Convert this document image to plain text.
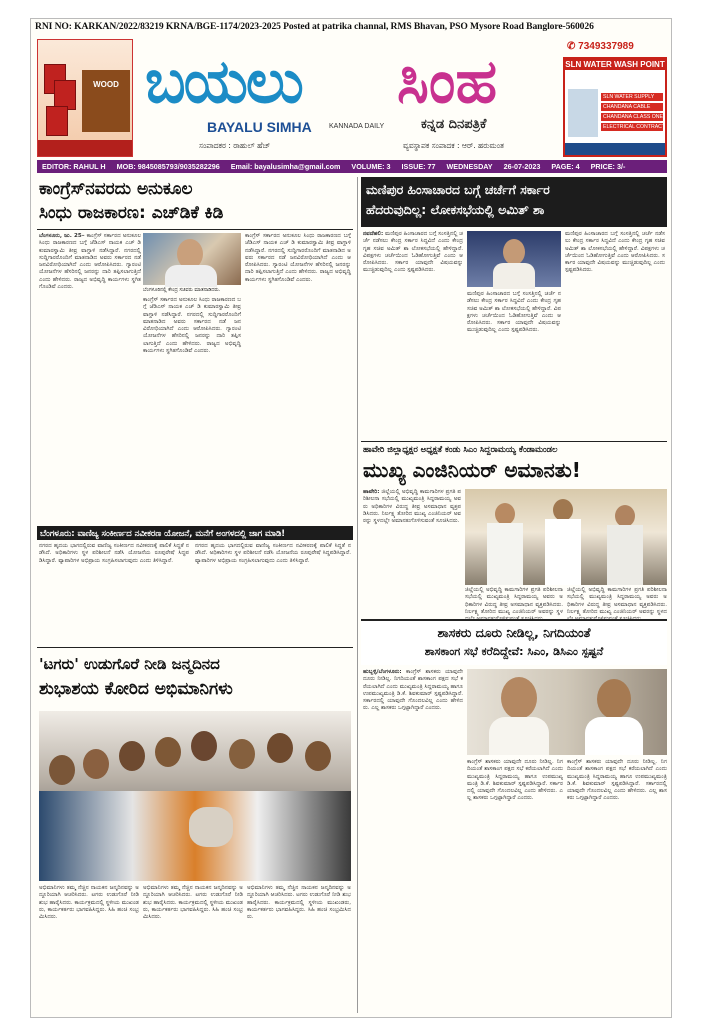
RNI NO: KARKAN/2022/83219 KRNA/BGE-1174/2023-2025 Posted at patrika channal, RMS Bhavan, PSO Mysore Road Banglore-560026
WOOD ಬಯಲು ಸಿಂಹ
BAYALU SIMHA KANNADA DAILY	ಕನ್ನಡ ದಿನಪತ್ರಿಕೆ
ಸಂಪಾದಕರ : ರಾಹುಲ್ ಹೆಚ್	ವ್ಯವಸ್ಥಾಪಕ ಸಂಪಾದಕ : ಆರ್. ಹರುಮಂತ
✆ 7349337989
SLN WATER WASH POINT
SLN WATER SUPPLY
CHANDANA CABLE
CHANDANA CLASS ONE
ELECTRICAL CONTRACT
EDITOR: RAHUL H MOB: 9845085793/9035282296 Email: bayalusimha@gmail.com VOLUME: 3 ISSUE: 77 WEDNESDAY 26-07-2023 PAGE: 4 PRICE: 3/-
ಕಾಂಗ್ರೆಸ್‌ನವರದು ಅನುಕೂಲ
ಸಿಂಧು ರಾಜಕಾರಣ: ಎಚ್‌ಡಿಕೆ ಕಿಡಿ
ಬೆಂಗಳೂರು, ಜು. 25– ಕಾಂಗ್ರೆಸ್ ಸರ್ಕಾರದ ಅನುಕೂಲ ಸಿಂಧು ರಾಜಕಾರಣದ ಬಗ್ಗೆ ಜೆಡಿಎಸ್ ನಾಯಕ ಎಚ್ ಡಿ ಕುಮಾರಸ್ವಾಮಿ ತೀವ್ರ ವಾಗ್ದಾಳಿ ನಡೆಸಿದ್ದಾರೆ. ನಗರದಲ್ಲಿ ಸುದ್ದಿಗಾರರೊಂದಿಗೆ ಮಾತನಾಡಿದ ಅವರು ಸರ್ಕಾರದ ನಡೆ ಜನವಿರೋಧಿಯಾಗಿದೆ ಎಂದು ಆರೋಪಿಸಿದರು. ಗ್ಯಾರಂಟಿ ಯೋಜನೆಗಳ ಹೆಸರಿನಲ್ಲಿ ಜನರನ್ನು ದಾರಿ ತಪ್ಪಿಸಲಾಗುತ್ತಿದೆ ಎಂದು ಹೇಳಿದರು. ರಾಜ್ಯದ ಅಭಿವೃದ್ಧಿ ಕಾರ್ಯಗಳು ಸ್ಥಗಿತಗೊಂಡಿವೆ ಎಂದರು.	ಬೆಂಗಳೂರಿನಲ್ಲಿ ಕೇಂದ್ರ ಸಚಿವರು ಮಾತನಾಡಿದರು.
ಕಾಂಗ್ರೆಸ್ ಸರ್ಕಾರದ ಅನುಕೂಲ ಸಿಂಧು ರಾಜಕಾರಣದ ಬಗ್ಗೆ ಜೆಡಿಎಸ್ ನಾಯಕ ಎಚ್ ಡಿ ಕುಮಾರಸ್ವಾಮಿ ತೀವ್ರ ವಾಗ್ದಾಳಿ ನಡೆಸಿದ್ದಾರೆ. ನಗರದಲ್ಲಿ ಸುದ್ದಿಗಾರರೊಂದಿಗೆ ಮಾತನಾಡಿದ ಅವರು ಸರ್ಕಾರದ ನಡೆ ಜನವಿರೋಧಿಯಾಗಿದೆ ಎಂದು ಆರೋಪಿಸಿದರು. ಗ್ಯಾರಂಟಿ ಯೋಜನೆಗಳ ಹೆಸರಿನಲ್ಲಿ ಜನರನ್ನು ದಾರಿ ತಪ್ಪಿಸಲಾಗುತ್ತಿದೆ ಎಂದು ಹೇಳಿದರು. ರಾಜ್ಯದ ಅಭಿವೃದ್ಧಿ ಕಾರ್ಯಗಳು ಸ್ಥಗಿತಗೊಂಡಿವೆ ಎಂದರು.
ಕಾಂಗ್ರೆಸ್ ಸರ್ಕಾರದ ಅನುಕೂಲ ಸಿಂಧು ರಾಜಕಾರಣದ ಬಗ್ಗೆ ಜೆಡಿಎಸ್ ನಾಯಕ ಎಚ್ ಡಿ ಕುಮಾರಸ್ವಾಮಿ ತೀವ್ರ ವಾಗ್ದಾಳಿ ನಡೆಸಿದ್ದಾರೆ. ನಗರದಲ್ಲಿ ಸುದ್ದಿಗಾರರೊಂದಿಗೆ ಮಾತನಾಡಿದ ಅವರು ಸರ್ಕಾರದ ನಡೆ ಜನವಿರೋಧಿಯಾಗಿದೆ ಎಂದು ಆರೋಪಿಸಿದರು. ಗ್ಯಾರಂಟಿ ಯೋಜನೆಗಳ ಹೆಸರಿನಲ್ಲಿ ಜನರನ್ನು ದಾರಿ ತಪ್ಪಿಸಲಾಗುತ್ತಿದೆ ಎಂದು ಹೇಳಿದರು. ರಾಜ್ಯದ ಅಭಿವೃದ್ಧಿ ಕಾರ್ಯಗಳು ಸ್ಥಗಿತಗೊಂಡಿವೆ ಎಂದರು.
ಬೆಂಗಳೂರು: ವಾಣಿಜ್ಯ ಸಂಕೀರ್ಣದ ನವೀಕರಣ ಯೋಜನೆ, ಮನೆಗೆ ಅಂಗಳದಲ್ಲಿ ಜಾಗ ಮಾಡಿ!
ನಗರದ ಹೃದಯ ಭಾಗದಲ್ಲಿರುವ ವಾಣಿಜ್ಯ ಸಂಕೀರ್ಣದ ನವೀಕರಣಕ್ಕೆ ಪಾಲಿಕೆ ಸಿದ್ಧತೆ ನಡೆಸಿದೆ. ಅಧಿಕಾರಿಗಳು ಸ್ಥಳ ಪರಿಶೀಲನೆ ನಡೆಸಿ ಯೋಜನೆಯ ರೂಪುರೇಷೆ ಸಿದ್ಧಪಡಿಸಿದ್ದಾರೆ. ವ್ಯಾಪಾರಿಗಳ ಅಭಿಪ್ರಾಯ ಸಂಗ್ರಹಿಸಲಾಗುವುದು ಎಂದು ತಿಳಿಸಿದ್ದಾರೆ.
ನಗರದ ಹೃದಯ ಭಾಗದಲ್ಲಿರುವ ವಾಣಿಜ್ಯ ಸಂಕೀರ್ಣದ ನವೀಕರಣಕ್ಕೆ ಪಾಲಿಕೆ ಸಿದ್ಧತೆ ನಡೆಸಿದೆ. ಅಧಿಕಾರಿಗಳು ಸ್ಥಳ ಪರಿಶೀಲನೆ ನಡೆಸಿ ಯೋಜನೆಯ ರೂಪುರೇಷೆ ಸಿದ್ಧಪಡಿಸಿದ್ದಾರೆ. ವ್ಯಾಪಾರಿಗಳ ಅಭಿಪ್ರಾಯ ಸಂಗ್ರಹಿಸಲಾಗುವುದು ಎಂದು ತಿಳಿಸಿದ್ದಾರೆ.
'ಟಗರು' ಉಡುಗೊರೆ ನೀಡಿ ಜನ್ಮದಿನದ
ಶುಭಾಶಯ ಕೋರಿದ ಅಭಿಮಾನಿಗಳು
ಅಭಿಮಾನಿಗಳು ತಮ್ಮ ನೆಚ್ಚಿನ ನಾಯಕನ ಜನ್ಮದಿನವನ್ನು ಅದ್ದೂರಿಯಾಗಿ ಆಚರಿಸಿದರು. ಟಗರು ಉಡುಗೊರೆ ನೀಡಿ ಶುಭ ಹಾರೈಸಿದರು. ಕಾರ್ಯಕ್ರಮದಲ್ಲಿ ಸ್ಥಳೀಯ ಮುಖಂಡರು, ಕಾರ್ಯಕರ್ತರು ಭಾಗವಹಿಸಿದ್ದರು. ಸಿಹಿ ಹಂಚಿ ಸಂಭ್ರಮಿಸಿದರು.
ಅಭಿಮಾನಿಗಳು ತಮ್ಮ ನೆಚ್ಚಿನ ನಾಯಕನ ಜನ್ಮದಿನವನ್ನು ಅದ್ದೂರಿಯಾಗಿ ಆಚರಿಸಿದರು. ಟಗರು ಉಡುಗೊರೆ ನೀಡಿ ಶುಭ ಹಾರೈಸಿದರು. ಕಾರ್ಯಕ್ರಮದಲ್ಲಿ ಸ್ಥಳೀಯ ಮುಖಂಡರು, ಕಾರ್ಯಕರ್ತರು ಭಾಗವಹಿಸಿದ್ದರು. ಸಿಹಿ ಹಂಚಿ ಸಂಭ್ರಮಿಸಿದರು.
ಅಭಿಮಾನಿಗಳು ತಮ್ಮ ನೆಚ್ಚಿನ ನಾಯಕನ ಜನ್ಮದಿನವನ್ನು ಅದ್ದೂರಿಯಾಗಿ ಆಚರಿಸಿದರು. ಟಗರು ಉಡುಗೊರೆ ನೀಡಿ ಶುಭ ಹಾರೈಸಿದರು. ಕಾರ್ಯಕ್ರಮದಲ್ಲಿ ಸ್ಥಳೀಯ ಮುಖಂಡರು, ಕಾರ್ಯಕರ್ತರು ಭಾಗವಹಿಸಿದ್ದರು. ಸಿಹಿ ಹಂಚಿ ಸಂಭ್ರಮಿಸಿದರು.
ಮಣಿಪುರ ಹಿಂಸಾಚಾರದ ಬಗ್ಗೆ ಚರ್ಚೆಗೆ ಸರ್ಕಾರ
ಹೆದರುವುದಿಲ್ಲ: ಲೋಕಸಭೆಯಲ್ಲಿ ಅಮಿತ್ ಶಾ
ನವದೆಹಲಿ: ಮಣಿಪುರ ಹಿಂಸಾಚಾರದ ಬಗ್ಗೆ ಸಂಸತ್ತಿನಲ್ಲಿ ಚರ್ಚೆ ನಡೆಸಲು ಕೇಂದ್ರ ಸರ್ಕಾರ ಸಿದ್ಧವಿದೆ ಎಂದು ಕೇಂದ್ರ ಗೃಹ ಸಚಿವ ಅಮಿತ್ ಶಾ ಲೋಕಸಭೆಯಲ್ಲಿ ಹೇಳಿದ್ದಾರೆ. ವಿಪಕ್ಷಗಳು ಚರ್ಚೆಯಿಂದ ಓಡಿಹೋಗುತ್ತಿವೆ ಎಂದು ಆರೋಪಿಸಿದರು. ಸರ್ಕಾರ ಯಾವುದೇ ವಿಷಯವನ್ನು ಮುಚ್ಚಿಡುವುದಿಲ್ಲ ಎಂದು ಸ್ಪಷ್ಟಪಡಿಸಿದರು.
ಮಣಿಪುರ ಹಿಂಸಾಚಾರದ ಬಗ್ಗೆ ಸಂಸತ್ತಿನಲ್ಲಿ ಚರ್ಚೆ ನಡೆಸಲು ಕೇಂದ್ರ ಸರ್ಕಾರ ಸಿದ್ಧವಿದೆ ಎಂದು ಕೇಂದ್ರ ಗೃಹ ಸಚಿವ ಅಮಿತ್ ಶಾ ಲೋಕಸಭೆಯಲ್ಲಿ ಹೇಳಿದ್ದಾರೆ. ವಿಪಕ್ಷಗಳು ಚರ್ಚೆಯಿಂದ ಓಡಿಹೋಗುತ್ತಿವೆ ಎಂದು ಆರೋಪಿಸಿದರು. ಸರ್ಕಾರ ಯಾವುದೇ ವಿಷಯವನ್ನು ಮುಚ್ಚಿಡುವುದಿಲ್ಲ ಎಂದು ಸ್ಪಷ್ಟಪಡಿಸಿದರು.
ಮಣಿಪುರ ಹಿಂಸಾಚಾರದ ಬಗ್ಗೆ ಸಂಸತ್ತಿನಲ್ಲಿ ಚರ್ಚೆ ನಡೆಸಲು ಕೇಂದ್ರ ಸರ್ಕಾರ ಸಿದ್ಧವಿದೆ ಎಂದು ಕೇಂದ್ರ ಗೃಹ ಸಚಿವ ಅಮಿತ್ ಶಾ ಲೋಕಸಭೆಯಲ್ಲಿ ಹೇಳಿದ್ದಾರೆ. ವಿಪಕ್ಷಗಳು ಚರ್ಚೆಯಿಂದ ಓಡಿಹೋಗುತ್ತಿವೆ ಎಂದು ಆರೋಪಿಸಿದರು. ಸರ್ಕಾರ ಯಾವುದೇ ವಿಷಯವನ್ನು ಮುಚ್ಚಿಡುವುದಿಲ್ಲ ಎಂದು ಸ್ಪಷ್ಟಪಡಿಸಿದರು.
ಹಾವೇರಿ ಜಿಲ್ಲಾಧ್ಯಕ್ಷರ ಅಧ್ಯಕ್ಷತೆ ಕಂಡು ಸಿಎಂ ಸಿದ್ದರಾಮಯ್ಯ ಕೆಂಡಾಮಂಡಲ
ಮುಖ್ಯ ಎಂಜಿನಿಯರ್ ಅಮಾನತು!
ಹಾವೇರಿ: ಜಿಲ್ಲೆಯಲ್ಲಿ ಅಭಿವೃದ್ಧಿ ಕಾಮಗಾರಿಗಳ ಪ್ರಗತಿ ಪರಿಶೀಲನಾ ಸಭೆಯಲ್ಲಿ ಮುಖ್ಯಮಂತ್ರಿ ಸಿದ್ದರಾಮಯ್ಯ ಅವರು ಅಧಿಕಾರಿಗಳ ವಿರುದ್ಧ ತೀವ್ರ ಅಸಮಾಧಾನ ವ್ಯಕ್ತಪಡಿಸಿದರು. ನಿರ್ಲಕ್ಷ್ಯ ತೋರಿದ ಮುಖ್ಯ ಎಂಜಿನಿಯರ್ ಅವರನ್ನು ಸ್ಥಳದಲ್ಲೇ ಅಮಾನತುಗೊಳಿಸುವಂತೆ ಸೂಚಿಸಿದರು.
ಜಿಲ್ಲೆಯಲ್ಲಿ ಅಭಿವೃದ್ಧಿ ಕಾಮಗಾರಿಗಳ ಪ್ರಗತಿ ಪರಿಶೀಲನಾ ಸಭೆಯಲ್ಲಿ ಮುಖ್ಯಮಂತ್ರಿ ಸಿದ್ದರಾಮಯ್ಯ ಅವರು ಅಧಿಕಾರಿಗಳ ವಿರುದ್ಧ ತೀವ್ರ ಅಸಮಾಧಾನ ವ್ಯಕ್ತಪಡಿಸಿದರು. ನಿರ್ಲಕ್ಷ್ಯ ತೋರಿದ ಮುಖ್ಯ ಎಂಜಿನಿಯರ್ ಅವರನ್ನು ಸ್ಥಳ
ಜಿಲ್ಲೆಯಲ್ಲಿ ಅಭಿವೃದ್ಧಿ ಕಾಮಗಾರಿಗಳ ಪ್ರಗತಿ ಪರಿಶೀಲನಾ ಸಭೆಯಲ್ಲಿ ಮುಖ್ಯಮಂತ್ರಿ ಸಿದ್ದರಾಮಯ್ಯ ಅವರು ಅಧಿಕಾರಿಗಳ ವಿರುದ್ಧ ತೀವ್ರ ಅಸಮಾಧಾನ ವ್ಯಕ್ತಪಡಿಸಿದರು. ನಿರ್ಲಕ್ಷ್ಯ ತೋರಿದ ಮುಖ್ಯ ಎಂಜಿನಿಯರ್ ಅವರನ್ನು ಸ್ಥಳದ
ಶಾಸಕರು ದೂರು ನೀಡಿಲ್ಲ, ನಿಗದಿಯಂತೆ
ಶಾಸಕಾಂಗ ಸಭೆ ಕರೆದಿದ್ದೇವೆ: ಸಿಎಂ, ಡಿಸಿಎಂ ಸ್ಪಷ್ಟನೆ
ಹುಬ್ಬಳ್ಳಿ/ಬೆಂಗಳೂರು: ಕಾಂಗ್ರೆಸ್ ಶಾಸಕರು ಯಾವುದೇ ದೂರು ನೀಡಿಲ್ಲ. ನಿಗದಿಯಂತೆ ಶಾಸಕಾಂಗ ಪಕ್ಷದ ಸಭೆ ಕರೆಯಲಾಗಿದೆ ಎಂದು ಮುಖ್ಯಮಂತ್ರಿ ಸಿದ್ದರಾಮಯ್ಯ ಹಾಗೂ ಉಪಮುಖ್ಯಮಂತ್ರಿ ಡಿ.ಕೆ. ಶಿವಕುಮಾರ್ ಸ್ಪಷ್ಟಪಡಿಸಿದ್ದಾರೆ. ಸರ್ಕಾರದಲ್ಲಿ ಯಾವುದೇ ಗೊಂದಲವಿಲ್ಲ ಎಂದು ಹೇಳಿದರು. ಎಲ್ಲ ಶಾಸಕರು ಒಗ್ಗಟ್ಟಾಗಿದ್ದಾರೆ ಎಂದರು.
ಕಾಂಗ್ರೆಸ್ ಶಾಸಕರು ಯಾವುದೇ ದೂರು ನೀಡಿಲ್ಲ. ನಿಗದಿಯಂತೆ ಶಾಸಕಾಂಗ ಪಕ್ಷದ ಸಭೆ ಕರೆಯಲಾಗಿದೆ ಎಂದು ಮುಖ್ಯಮಂತ್ರಿ ಸಿದ್ದರಾಮಯ್ಯ ಹಾಗೂ ಉಪಮುಖ್ಯಮಂತ್ರಿ ಡಿ.ಕೆ. ಶಿವಕುಮಾರ್ ಸ್ಪಷ್ಟಪಡಿಸಿದ್ದಾರೆ. ಸರ್ಕಾರದಲ್ಲಿ ಯಾವುದೇ ಗೊಂದಲವಿಲ್ಲ ಎಂದು ಹೇಳಿದರು. ಎಲ್ಲ ಶಾಸಕರು ಒಗ್ಗಟ್ಟಾಗಿದ್ದಾರೆ ಎಂದರು.
ಕಾಂಗ್ರೆಸ್ ಶಾಸಕರು ಯಾವುದೇ ದೂರು ನೀಡಿಲ್ಲ. ನಿಗದಿಯಂತೆ ಶಾಸಕಾಂಗ ಪಕ್ಷದ ಸಭೆ ಕರೆಯಲಾಗಿದೆ ಎಂದು ಮುಖ್ಯಮಂತ್ರಿ ಸಿದ್ದರಾಮಯ್ಯ ಹಾಗೂ ಉಪಮುಖ್ಯಮಂತ್ರಿ ಡಿ.ಕೆ. ಶಿವಕುಮಾರ್ ಸ್ಪಷ್ಟಪಡಿಸಿದ್ದಾರೆ. ಸರ್ಕಾರದಲ್ಲಿ ಯಾವುದೇ ಗೊಂದಲವಿಲ್ಲ ಎಂದು ಹೇಳಿದರು. ಎಲ್ಲ ಶಾಸಕರು ಒಗ್ಗಟ್ಟಾಗಿದ್ದಾರೆ ಎಂದರು.
